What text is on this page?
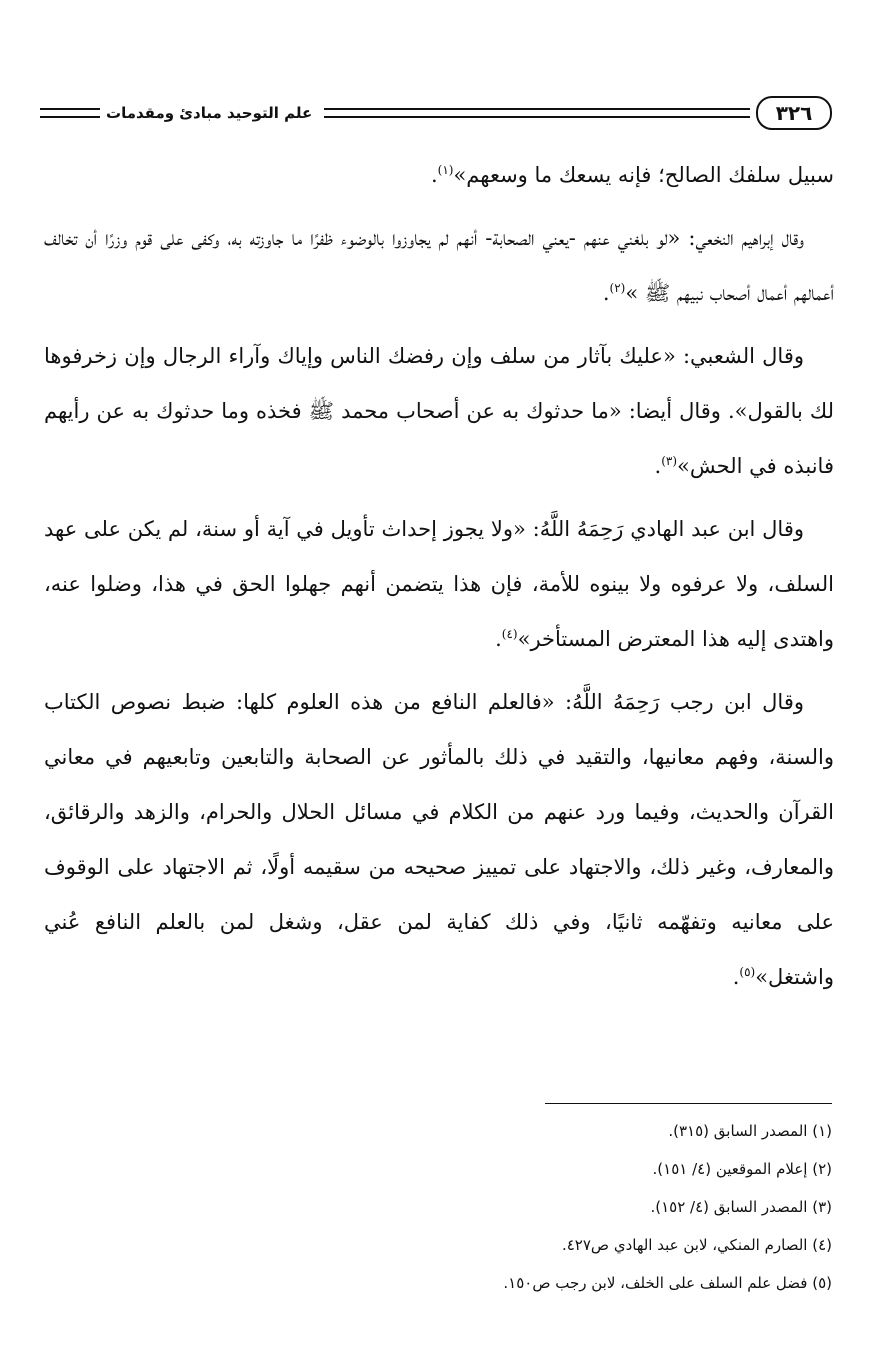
٣٢٦
علم التوحيد مبادئ ومقدمات

سبيل سلفك الصالح؛ فإنه يسعك ما وسعهم»$^{(١)}$.

وقال إبراهيم النخعي: «لو بلغني عنهم -يعني الصحابة- أنهم لم يجاوزوا بالوضوء ظفرًا ما جاوزته به، وكفى على قوم وزرًا أن تخالف أعمالهم أعمال أصحاب نبيهم ﷺ »$^{(٢)}$.

وقال الشعبي: «عليك بآثار من سلف وإن رفضك الناس وإياك وآراء الرجال وإن زخرفوها لك بالقول». وقال أيضا: «ما حدثوك به عن أصحاب محمد ﷺ فخذه وما حدثوك به عن رأيهم فانبذه في الحش»$^{(٣)}$.

وقال ابن عبد الهادي رَحِمَهُ اللَّهُ: «ولا يجوز إحداث تأويل في آية أو سنة، لم يكن على عهد السلف، ولا عرفوه ولا بينوه للأمة، فإن هذا يتضمن أنهم جهلوا الحق في هذا، وضلوا عنه، واهتدى إليه هذا المعترض المستأخر»$^{(٤)}$.

وقال ابن رجب رَحِمَهُ اللَّهُ: «فالعلم النافع من هذه العلوم كلها: ضبط نصوص الكتاب والسنة، وفهم معانيها، والتقيد في ذلك بالمأثور عن الصحابة والتابعين وتابعيهم في معاني القرآن والحديث، وفيما ورد عنهم من الكلام في مسائل الحلال والحرام، والزهد والرقائق، والمعارف، وغير ذلك، والاجتهاد على تمييز صحيحه من سقيمه أولًا، ثم الاجتهاد على الوقوف على معانيه وتفهّمه ثانيًا، وفي ذلك كفاية لمن عقل، وشغل لمن بالعلم النافع عُني واشتغل»$^{(٥)}$.

(١) المصدر السابق (٣١٥).
(٢) إعلام الموقعين (٤/ ١٥١).
(٣) المصدر السابق (٤/ ١٥٢).
(٤) الصارم المنكي، لابن عبد الهادي ص٤٢٧.
(٥) فضل علم السلف على الخلف، لابن رجب ص١٥٠.
